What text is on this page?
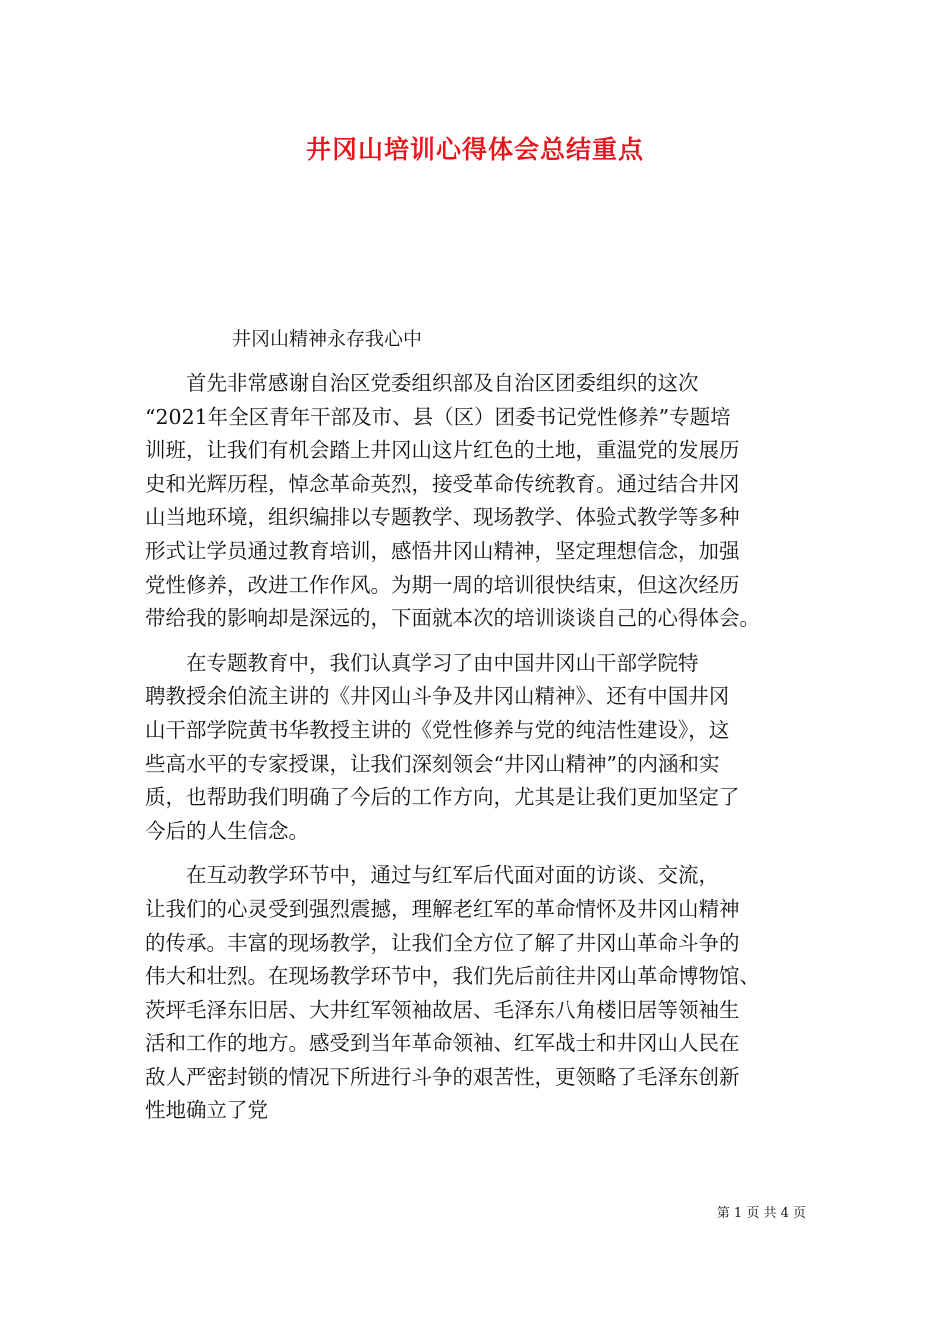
井冈山培训心得体会总结重点
井冈山精神永存我心中
　　首先非常感谢自治区党委组织部及自治区团委组织的这次
“2021年全区青年干部及市、县（区）团委书记党性修养”专题培
训班，让我们有机会踏上井冈山这片红色的土地，重温党的发展历
史和光辉历程，悼念革命英烈，接受革命传统教育。通过结合井冈
山当地环境，组织编排以专题教学、现场教学、体验式教学等多种
形式让学员通过教育培训，感悟井冈山精神，坚定理想信念，加强
党性修养，改进工作作风。为期一周的培训很快结束，但这次经历
带给我的影响却是深远的，下面就本次的培训谈谈自己的心得体会。
　　在专题教育中，我们认真学习了由中国井冈山干部学院特
聘教授余伯流主讲的《井冈山斗争及井冈山精神》、还有中国井冈
山干部学院黄书华教授主讲的《党性修养与党的纯洁性建设》，这
些高水平的专家授课，让我们深刻领会“井冈山精神”的内涵和实
质，也帮助我们明确了今后的工作方向，尤其是让我们更加坚定了
今后的人生信念。
　　在互动教学环节中，通过与红军后代面对面的访谈、交流，
让我们的心灵受到强烈震撼，理解老红军的革命情怀及井冈山精神
的传承。丰富的现场教学，让我们全方位了解了井冈山革命斗争的
伟大和壮烈。在现场教学环节中，我们先后前往井冈山革命博物馆、
茨坪毛泽东旧居、大井红军领袖故居、毛泽东八角楼旧居等领袖生
活和工作的地方。感受到当年革命领袖、红军战士和井冈山人民在
敌人严密封锁的情况下所进行斗争的艰苦性，更领略了毛泽东创新
性地确立了党
第 1 页 共 4 页
